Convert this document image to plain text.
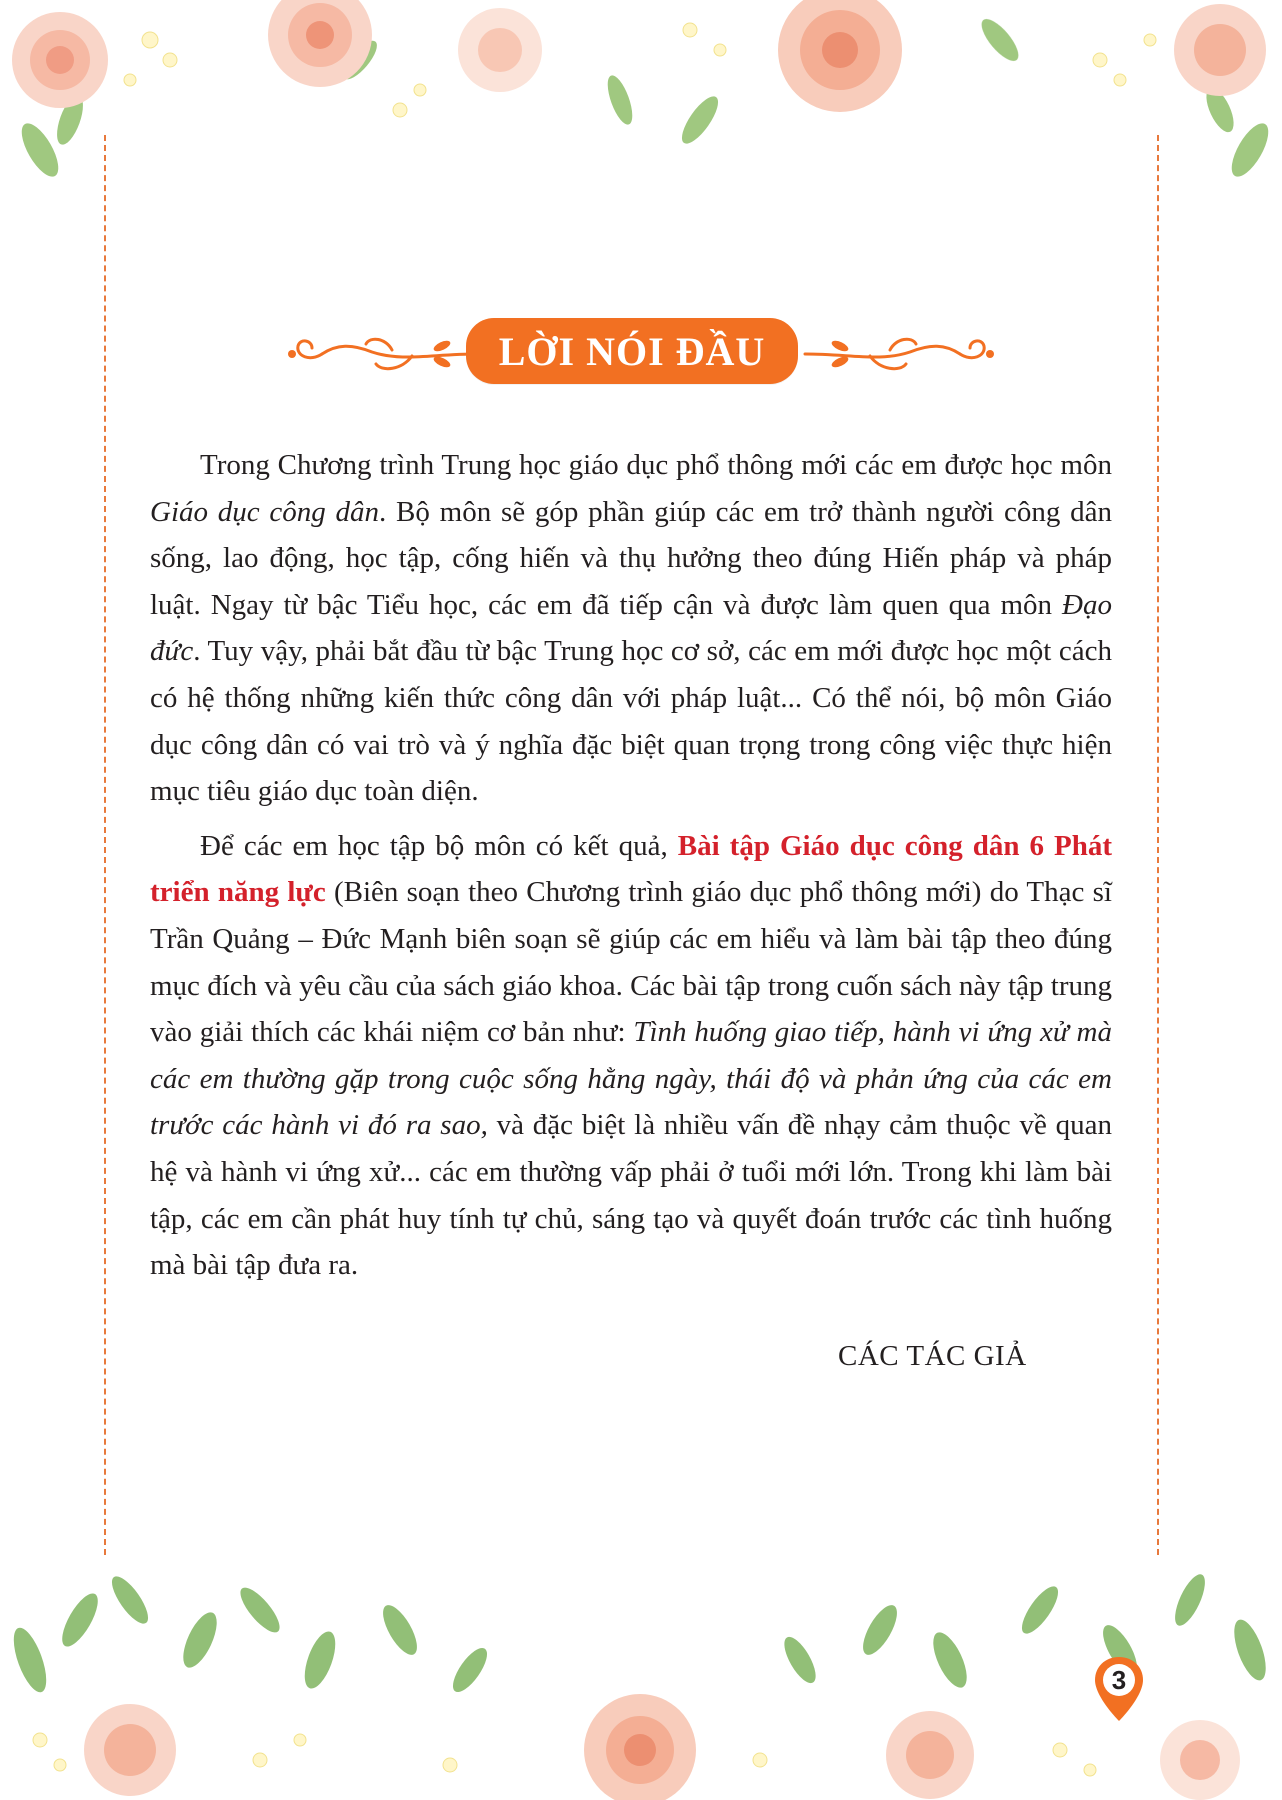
LỜI NÓI ĐẦU

Trong Chương trình Trung học giáo dục phổ thông mới các em được học môn Giáo dục công dân. Bộ môn sẽ góp phần giúp các em trở thành người công dân sống, lao động, học tập, cống hiến và thụ hưởng theo đúng Hiến pháp và pháp luật. Ngay từ bậc Tiểu học, các em đã tiếp cận và được làm quen qua môn Đạo đức. Tuy vậy, phải bắt đầu từ bậc Trung học cơ sở, các em mới được học một cách có hệ thống những kiến thức công dân với pháp luật... Có thể nói, bộ môn Giáo dục công dân có vai trò và ý nghĩa đặc biệt quan trọng trong công việc thực hiện mục tiêu giáo dục toàn diện.

Để các em học tập bộ môn có kết quả, Bài tập Giáo dục công dân 6 Phát triển năng lực (Biên soạn theo Chương trình giáo dục phổ thông mới) do Thạc sĩ Trần Quảng – Đức Mạnh biên soạn sẽ giúp các em hiểu và làm bài tập theo đúng mục đích và yêu cầu của sách giáo khoa. Các bài tập trong cuốn sách này tập trung vào giải thích các khái niệm cơ bản như: Tình huống giao tiếp, hành vi ứng xử mà các em thường gặp trong cuộc sống hằng ngày, thái độ và phản ứng của các em trước các hành vi đó ra sao, và đặc biệt là nhiều vấn đề nhạy cảm thuộc về quan hệ và hành vi ứng xử... các em thường vấp phải ở tuổi mới lớn. Trong khi làm bài tập, các em cần phát huy tính tự chủ, sáng tạo và quyết đoán trước các tình huống mà bài tập đưa ra.

CÁC TÁC GIẢ
3
